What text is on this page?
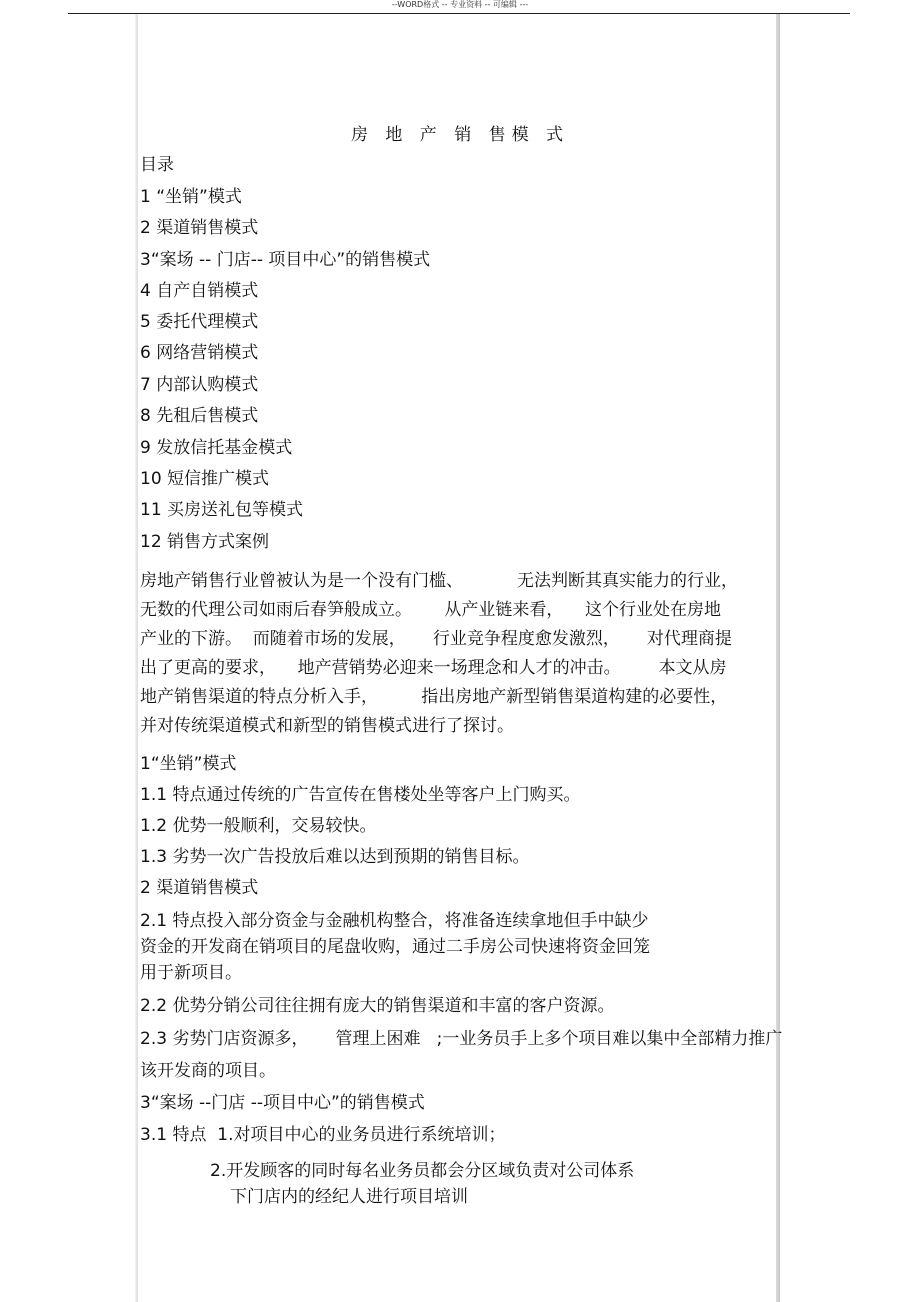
--WORD格式 -- 专业资料 -- 可编辑 ---
房 地 产 销 售模 式
目录
1 “坐销”模式
2 渠道销售模式
3“案场 -- 门店-- 项目中心”的销售模式
4 自产自销模式
5 委托代理模式
6 网络营销模式
7 内部认购模式
8 先租后售模式
9 发放信托基金模式
10 短信推广模式
11 买房送礼包等模式
12 销售方式案例
房地产销售行业曾被认为是一个没有门槛、          无法判断其真实能力的行业，
无数的代理公司如雨后春笋般成立。      从产业链来看，    这个行业处在房地
产业的下游。  而随着市场的发展，     行业竞争程度愈发激烈，     对代理商提
出了更高的要求，    地产营销势必迎来一场理念和人才的冲击。       本文从房
地产销售渠道的特点分析入手，        指出房地产新型销售渠道构建的必要性，
并对传统渠道模式和新型的销售模式进行了探讨。
1“坐销”模式
1.1 特点通过传统的广告宣传在售楼处坐等客户上门购买。
1.2 优势一般顺利，交易较快。
1.3 劣势一次广告投放后难以达到预期的销售目标。
2 渠道销售模式
2.1 特点投入部分资金与金融机构整合，将准备连续拿地但手中缺少
资金的开发商在销项目的尾盘收购，通过二手房公司快速将资金回笼
用于新项目。
2.2 优势分销公司往往拥有庞大的销售渠道和丰富的客户资源。
2.3 劣势门店资源多，     管理上困难   ;一业务员手上多个项目难以集中全部精力推广
该开发商的项目。
3“案场 --门店 --项目中心”的销售模式
3.1 特点  1.对项目中心的业务员进行系统培训；
2.开发顾客的同时每名业务员都会分区域负责对公司体系
下门店内的经纪人进行项目培训
